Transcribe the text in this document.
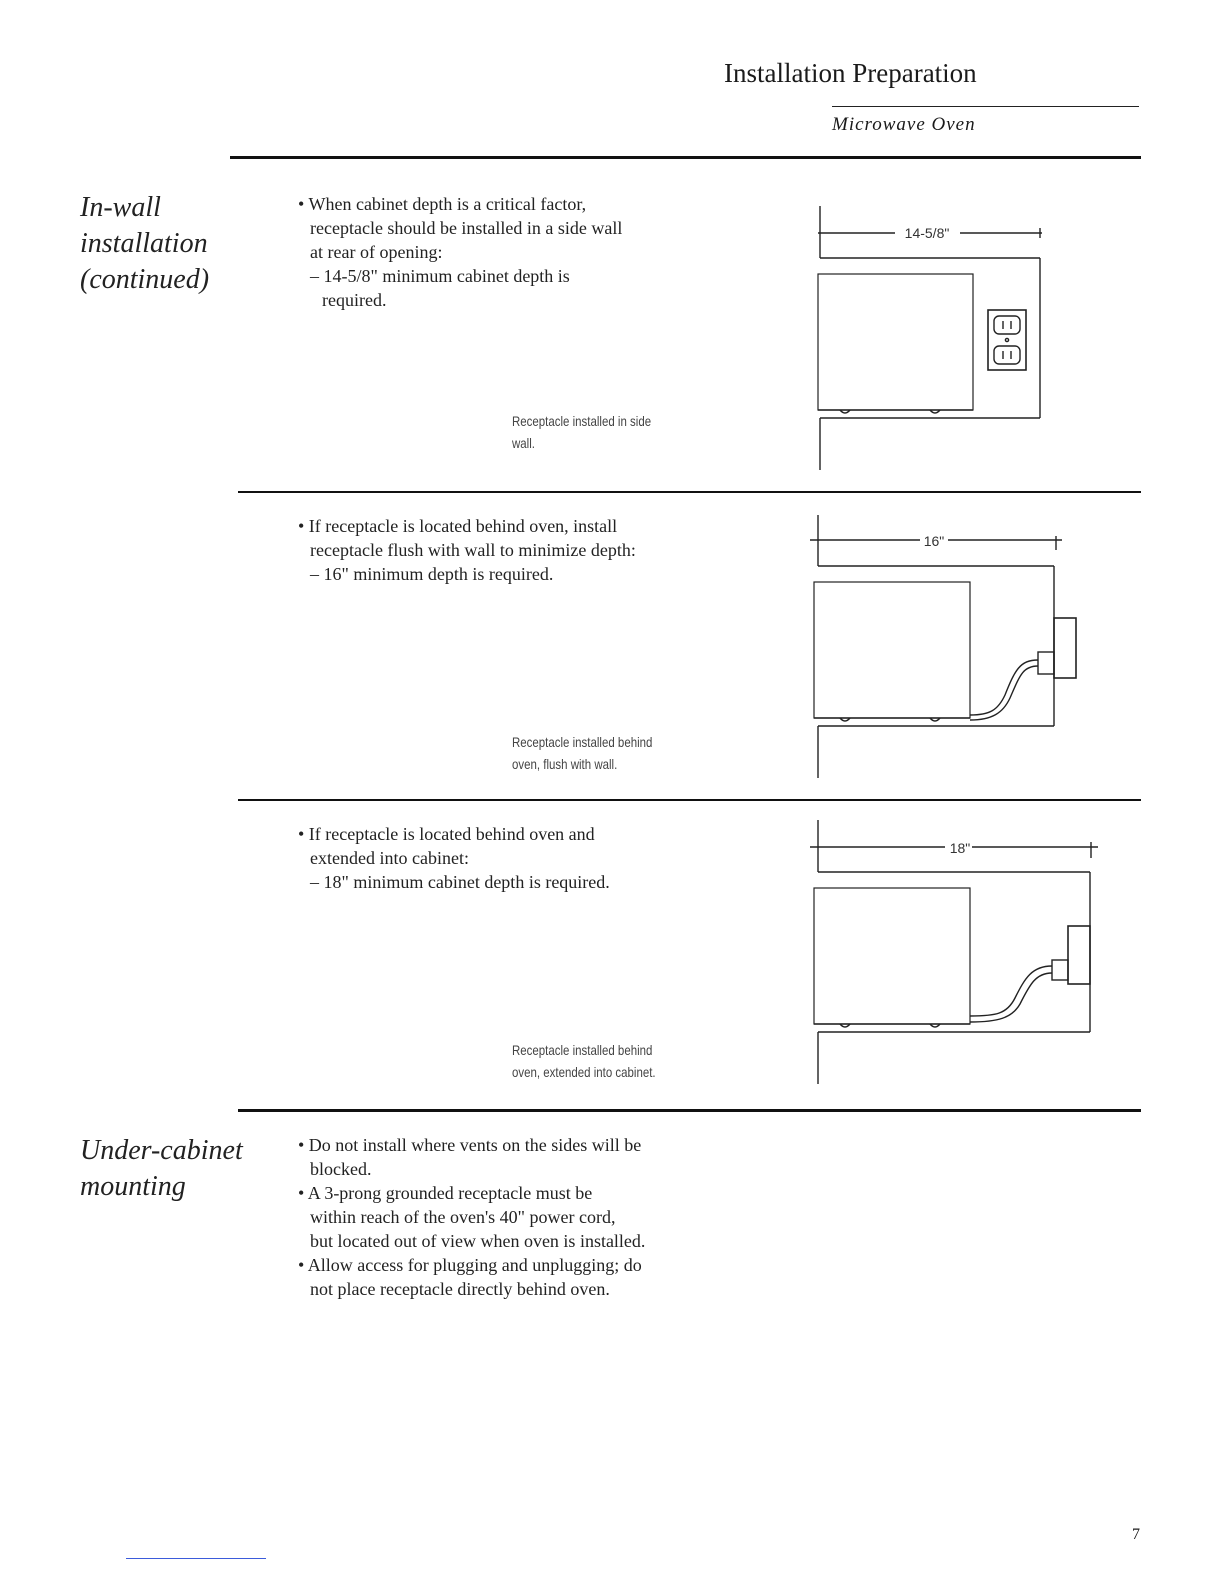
Installation Preparation
Microwave Oven
In-wall
installation
(continued)

• When cabinet depth is a critical factor,

receptacle should be installed in a side wall

at rear of opening:

– 14-5/8" minimum cabinet depth is

required.

Receptacle installed in side
wall.
14-5/8"

• If receptacle is located behind oven, install

receptacle flush with wall to minimize depth:

– 16" minimum depth is required.

Receptacle installed behind
oven, flush with wall.
16"

• If receptacle is located behind oven and

extended into cabinet:

– 18" minimum cabinet depth is required.

Receptacle installed behind
oven, extended into cabinet.
18"
Under-cabinet
mounting

• Do not install where vents on the sides will be

blocked.

• A 3-prong grounded receptacle must be

within reach of the oven's 40" power cord,

but located out of view when oven is installed.

• Allow access for plugging and unplugging; do

not place receptacle directly behind oven.

7
